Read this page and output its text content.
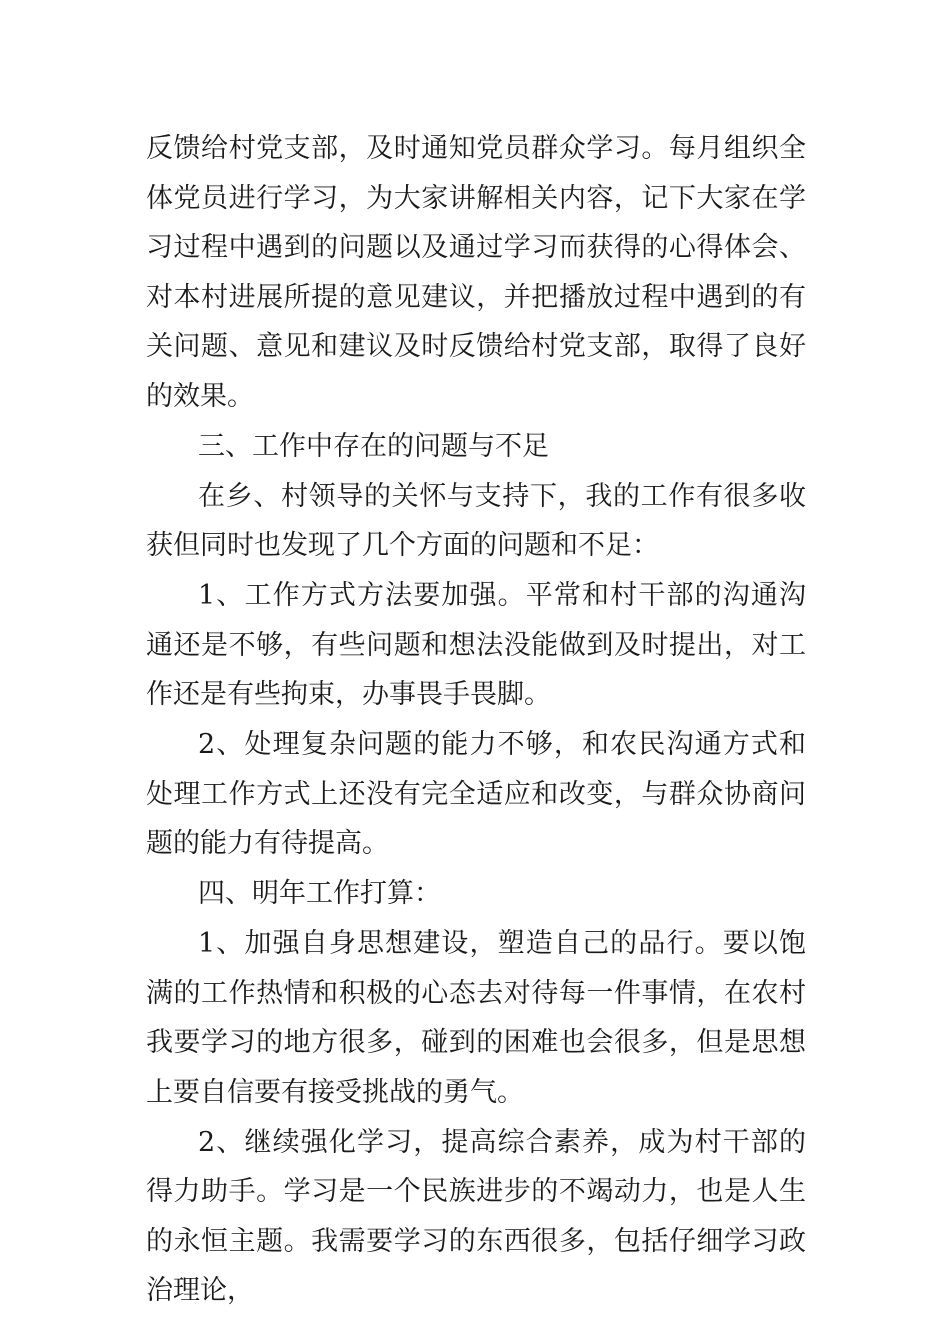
反馈给村党支部，及时通知党员群众学习。每月组织全体党员进行学习，为大家讲解相关内容，记下大家在学习过程中遇到的问题以及通过学习而获得的心得体会、对本村进展所提的意见建议，并把播放过程中遇到的有关问题、意见和建议及时反馈给村党支部，取得了良好的效果。

三、工作中存在的问题与不足

在乡、村领导的关怀与支持下，我的工作有很多收获但同时也发现了几个方面的问题和不足：

1、工作方式方法要加强。平常和村干部的沟通沟通还是不够，有些问题和想法没能做到及时提出，对工作还是有些拘束，办事畏手畏脚。

2、处理复杂问题的能力不够，和农民沟通方式和处理工作方式上还没有完全适应和改变，与群众协商问题的能力有待提高。

四、明年工作打算：

1、加强自身思想建设，塑造自己的品行。要以饱满的工作热情和积极的心态去对待每一件事情，在农村我要学习的地方很多，碰到的困难也会很多，但是思想上要自信要有接受挑战的勇气。

2、继续强化学习，提高综合素养，成为村干部的得力助手。学习是一个民族进步的不竭动力，也是人生的永恒主题。我需要学习的东西很多，包括仔细学习政治理论，
